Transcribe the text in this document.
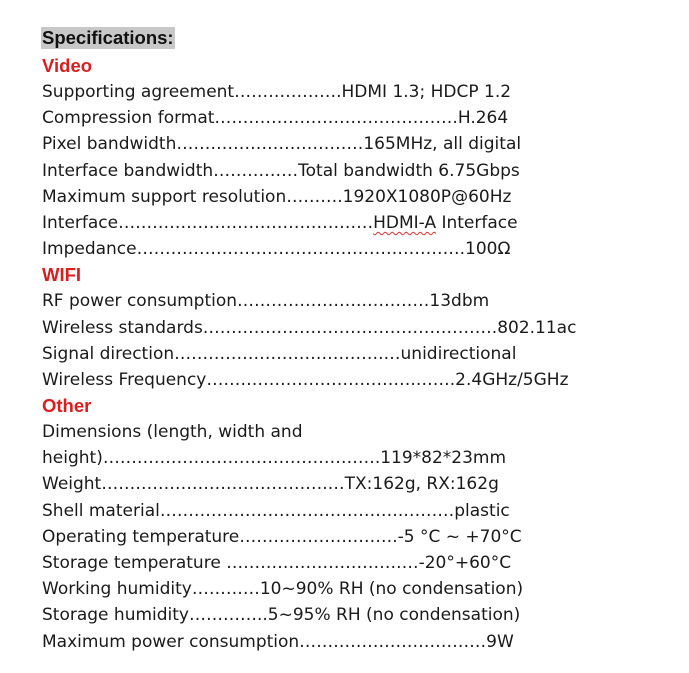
Specifications:
Video
Supporting agreement……………….HDMI 1.3; HDCP 1.2
Compression format…………………………………….H.264
Pixel bandwidth……………………………165MHz, all digital
Interface bandwidth……………Total bandwidth 6.75Gbps
Maximum support resolution……….1920X1080P@60Hz
Interface………………………………………HDMI-A Interface
Impedance………………………………………………….100Ω
WIFI
RF power consumption………………….…………13dbm
Wireless standards…………………………………………….802.11ac
Signal direction……………………………….…unidirectional
Wireless Frequency……………………………….…….2.4GHz/5GHz
Other
Dimensions (length, width and
height)………………………………………….119*82*23mm
Weight………………………………….…TX:162g, RX:162g
Shell material…………………………………….………plastic
Operating temperature……………………….-5 °C ~ +70°C
Storage temperature ………………………….…-20°+60°C
Working humidity…………10~90% RH (no condensation)
Storage humidity…………..5~95% RH (no condensation)
Maximum power consumption……………………………9W
